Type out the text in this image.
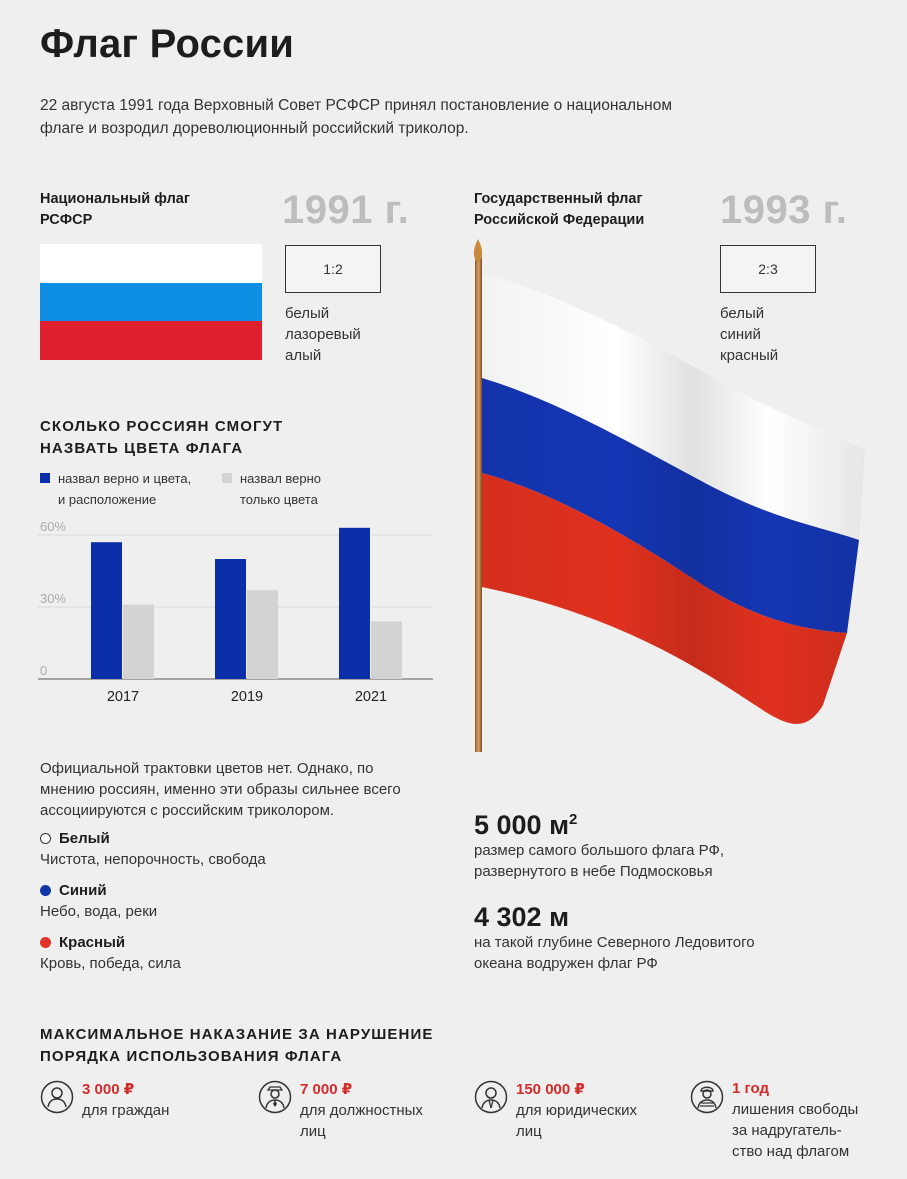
Флаг России
22 августа 1991 года Верховный Совет РСФСР принял постановление о национальном флаге и возродил дореволюционный российский триколор.
Национальный флаг
РСФСР	1991 г.
1:2
белый
лазоревый
алый
Государственный флаг
Российской Федерации 1993 г.
2:3
белый
синий
красный
СКОЛЬКО РОССИЯН СМОГУТ
НАЗВАТЬ ЦВЕТА ФЛАГА
назвал верно и цвета,
и расположение
назвал верно
только цвета
0
30%
60%
2017	2019	2021
Официальной трактовки цветов нет. Однако, по мнению россиян, именно эти образы сильнее всего ассоциируются с российским триколором.
Белый
Чистота, непорочность, свобода
Синий
Небо, вода, реки
Красный
Кровь, победа, сила
5 000 $м^2$
размер самого большого флага РФ,
развернутого в небе Подмосковья
4 302 м
на такой глубине Северного Ледовитого
океана водружен флаг РФ
МАКСИМАЛЬНОЕ НАКАЗАНИЕ ЗА НАРУШЕНИЕ
ПОРЯДКА ИСПОЛЬЗОВАНИЯ ФЛАГА
3 000 ₽
для граждан
7 000 ₽
для должностных
лиц
150 000 ₽
для юридических
лиц
1 год
лишения свободы
за надругатель-
ство над флагом
